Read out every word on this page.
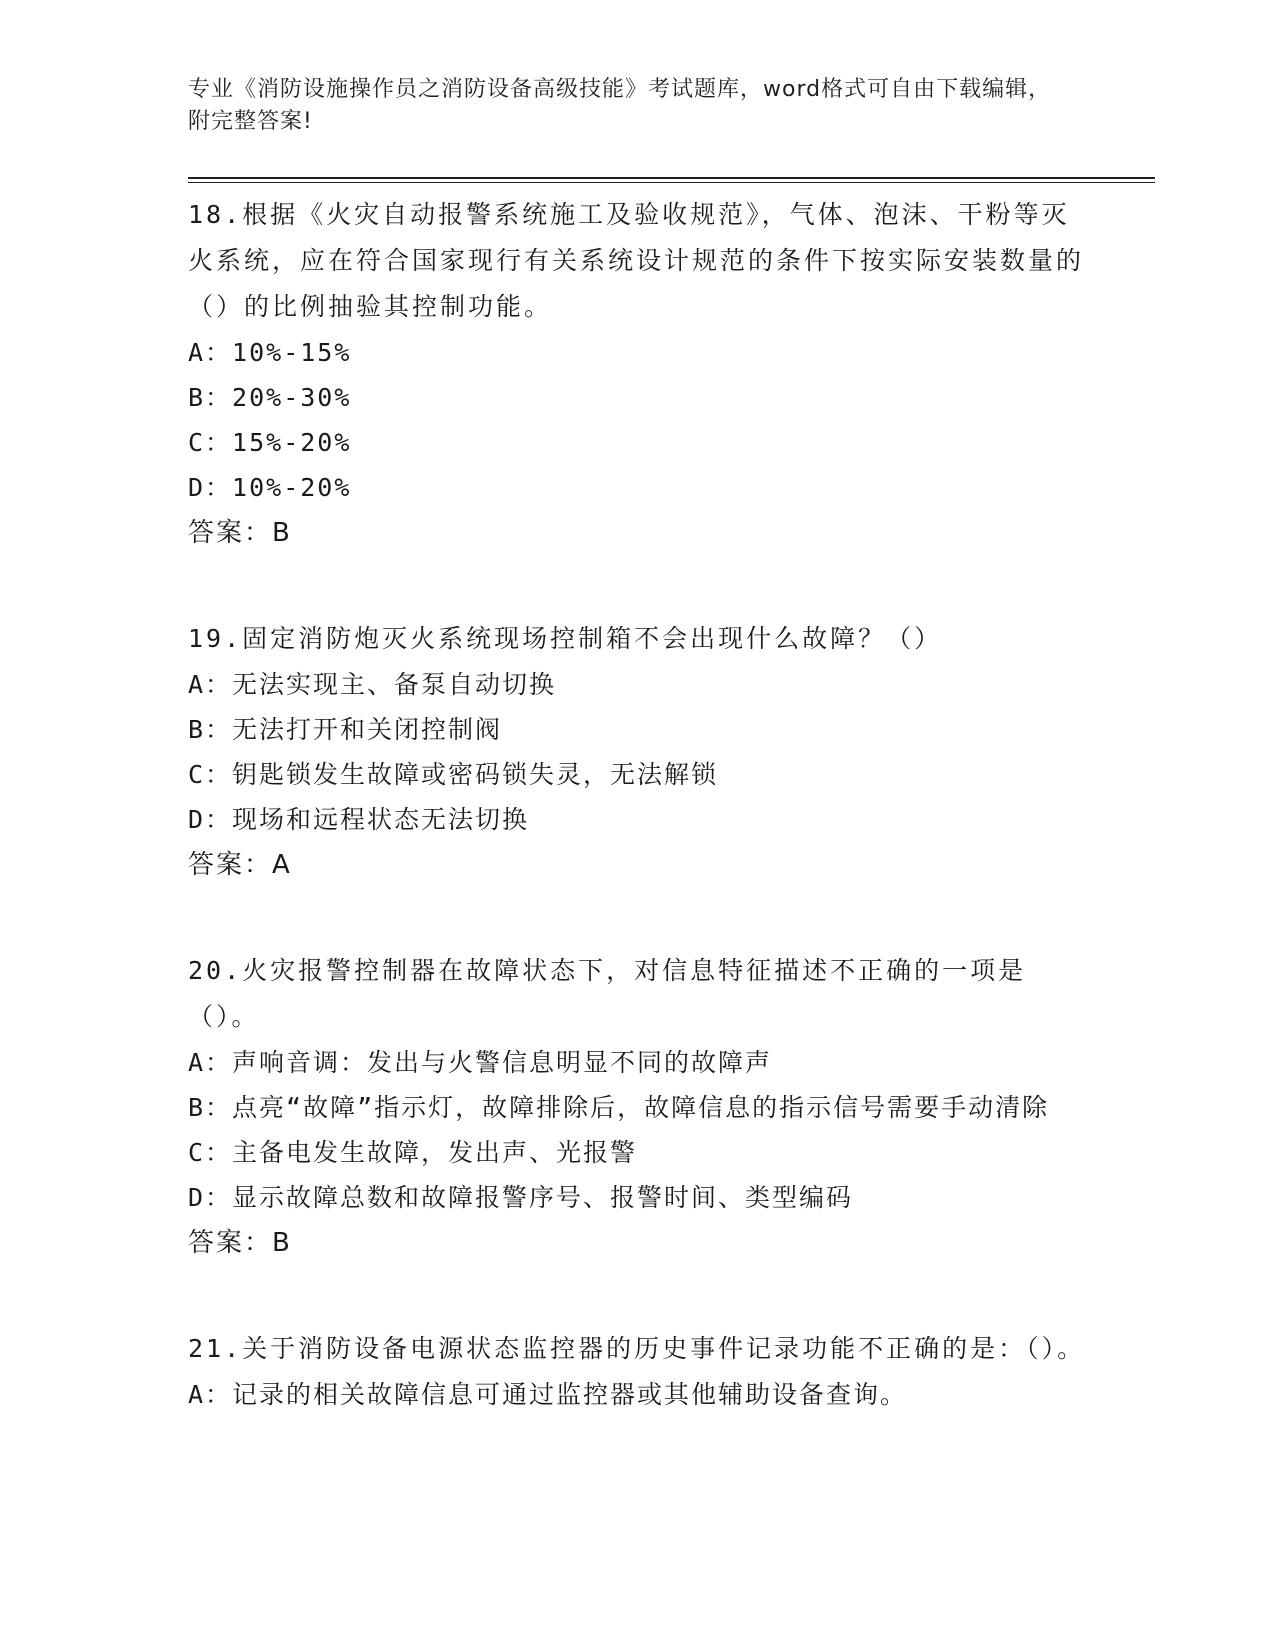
专业《消防设施操作员之消防设备高级技能》考试题库，word格式可自由下载编辑，附完整答案!

18.根据《火灾自动报警系统施工及验收规范》，气体、泡沫、干粉等灭火系统，应在符合国家现行有关系统设计规范的条件下按实际安装数量的（）的比例抽验其控制功能。

A：10%-15%

B：20%-30%

C：15%-20%

D：10%-20%

答案：B

19.固定消防炮灭火系统现场控制箱不会出现什么故障？（）

A：无法实现主、备泵自动切换

B：无法打开和关闭控制阀

C：钥匙锁发生故障或密码锁失灵，无法解锁

D：现场和远程状态无法切换

答案：A

20.火灾报警控制器在故障状态下，对信息特征描述不正确的一项是（）。

A：声响音调：发出与火警信息明显不同的故障声

B：点亮“故障”指示灯，故障排除后，故障信息的指示信号需要手动清除

C：主备电发生故障，发出声、光报警

D：显示故障总数和故障报警序号、报警时间、类型编码

答案：B

21.关于消防设备电源状态监控器的历史事件记录功能不正确的是：（）。

A：记录的相关故障信息可通过监控器或其他辅助设备查询。
